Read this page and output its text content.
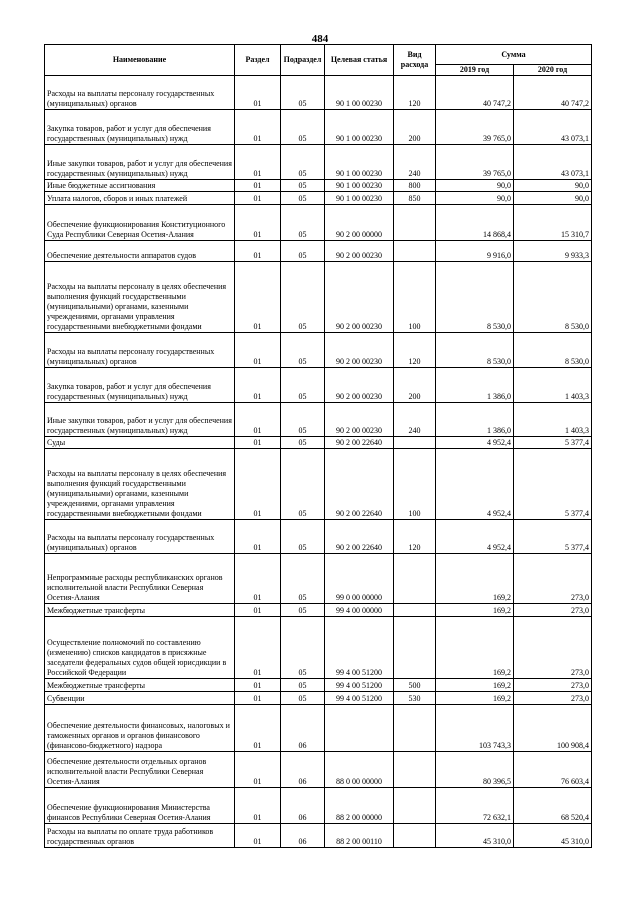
484
Наименование	Раздел	Подраздел	Целевая статья	Вид расхода	Сумма	
					2019 год	2020 год

Расходы на выплаты персоналу государственных (муниципальных) органов	01	05	90 1 00 00230	120	40 747,2	40 747,2

Закупка товаров, работ и услуг для обеспечения государственных (муниципальных) нужд	01	05	90 1 00 00230	200	39 765,0	43 073,1

Иные закупки товаров, работ и услуг для обеспечения государственных (муниципальных) нужд	01	05	90 1 00 00230	240	39 765,0	43 073,1

Иные бюджетные ассигнования	01	05	90 1 00 00230	800	90,0	90,0

Уплата налогов, сборов и иных платежей	01	05	90 1 00 00230	850	90,0	90,0

Обеспечение функционирования Конституционного Суда Республики Северная Осетия-Алания	01	05	90 2 00 00000		14 868,4	15 310,7

Обеспечение деятельности аппаратов судов	01	05	90 2 00 00230		9 916,0	9 933,3

Расходы на выплаты персоналу в целях обеспечения выполнения функций государственными (муниципальными) органами, казенными учреждениями, органами управления государственными внебюджетными фондами	01	05	90 2 00 00230	100	8 530,0	8 530,0

Расходы на выплаты персоналу государственных (муниципальных) органов	01	05	90 2 00 00230	120	8 530,0	8 530,0

Закупка товаров, работ и услуг для обеспечения государственных (муниципальных) нужд	01	05	90 2 00 00230	200	1 386,0	1 403,3

Иные закупки товаров, работ и услуг для обеспечения государственных (муниципальных) нужд	01	05	90 2 00 00230	240	1 386,0	1 403,3

Суды	01	05	90 2 00 22640		4 952,4	5 377,4

Расходы на выплаты персоналу в целях обеспечения выполнения функций государственными (муниципальными) органами, казенными учреждениями, органами управления государственными внебюджетными фондами	01	05	90 2 00 22640	100	4 952,4	5 377,4

Расходы на выплаты персоналу государственных (муниципальных) органов	01	05	90 2 00 22640	120	4 952,4	5 377,4

Непрограммные расходы республиканских органов исполнительной власти Республики Северная Осетия-Алания	01	05	99 0 00 00000		169,2	273,0

Межбюджетные трансферты	01	05	99 4 00 00000		169,2	273,0

Осуществление полномочий по составлению (изменению) списков кандидатов в присяжные заседатели федеральных судов общей юрисдикции в Российской Федерации	01	05	99 4 00 51200		169,2	273,0

Межбюджетные трансферты	01	05	99 4 00 51200	500	169,2	273,0

Субвенции	01	05	99 4 00 51200	530	169,2	273,0

Обеспечение деятельности финансовых, налоговых и таможенных органов и органов финансового (финансово-бюджетного) надзора	01	06			103 743,3	100 908,4

Обеспечение деятельности отдельных органов исполнительной власти Республики Северная Осетия-Алания	01	06	88 0 00 00000		80 396,5	76 603,4

Обеспечение функционирования Министерства финансов Республики Северная Осетия-Алания	01	06	88 2 00 00000		72 632,1	68 520,4

Расходы на выплаты по оплате труда работников государственных органов	01	06	88 2 00 00110		45 310,0	45 310,0
